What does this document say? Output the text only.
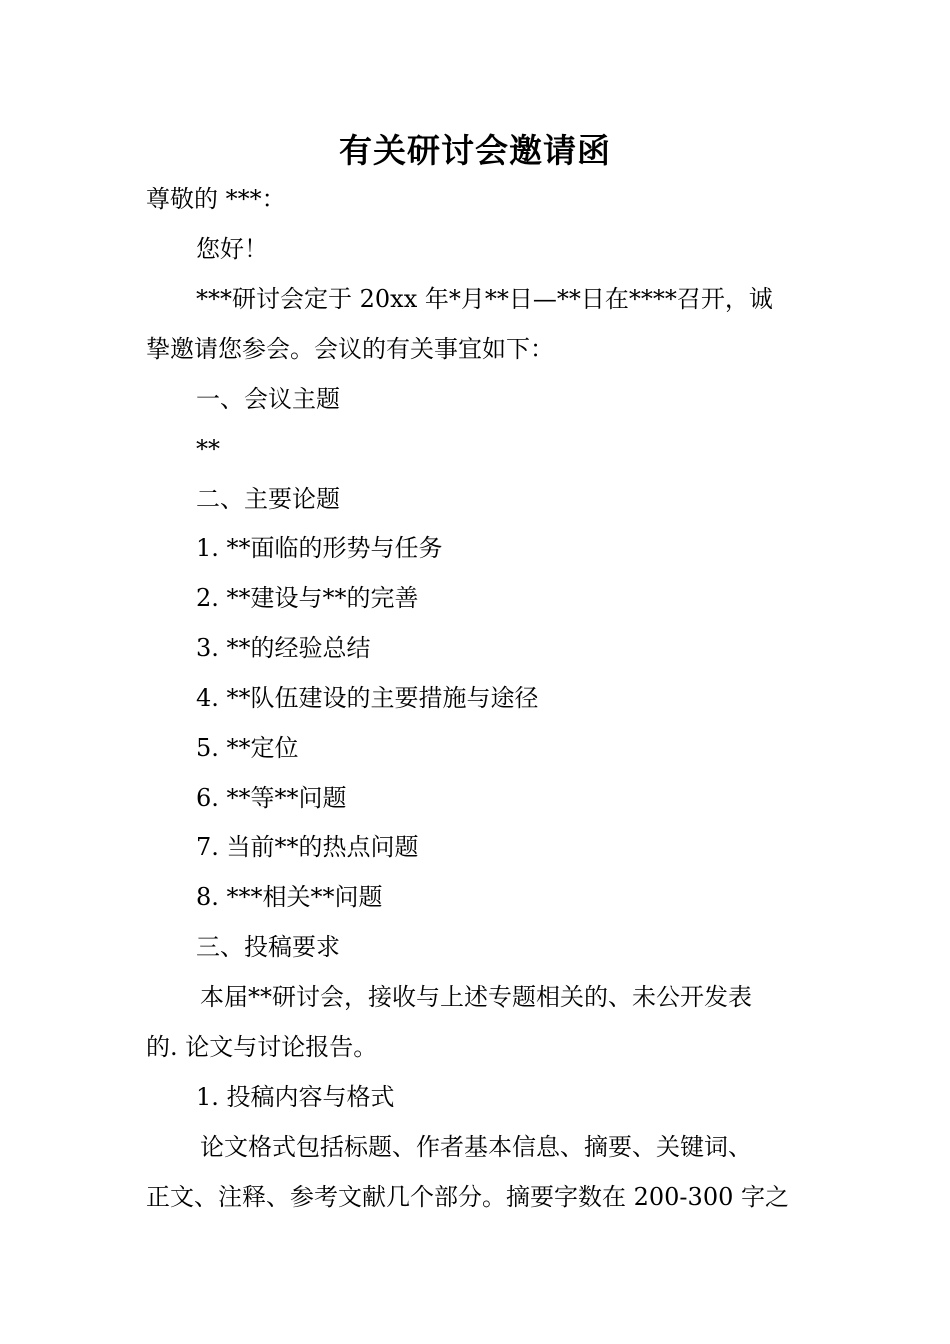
有关研讨会邀请函
尊敬的 ***：
您好！
***研讨会定于 20xx 年*月**日—**日在****召开，诚
挚邀请您参会。会议的有关事宜如下：
一、会议主题
**
二、主要论题
1. **面临的形势与任务
2. **建设与**的完善
3. **的经验总结
4. **队伍建设的主要措施与途径
5. **定位
6. **等**问题
7. 当前**的热点问题
8. ***相关**问题
三、投稿要求
本届**研讨会，接收与上述专题相关的、未公开发表
的. 论文与讨论报告。
1. 投稿内容与格式
论文格式包括标题、作者基本信息、摘要、关键词、
正文、注释、参考文献几个部分。摘要字数在 200-300 字之
